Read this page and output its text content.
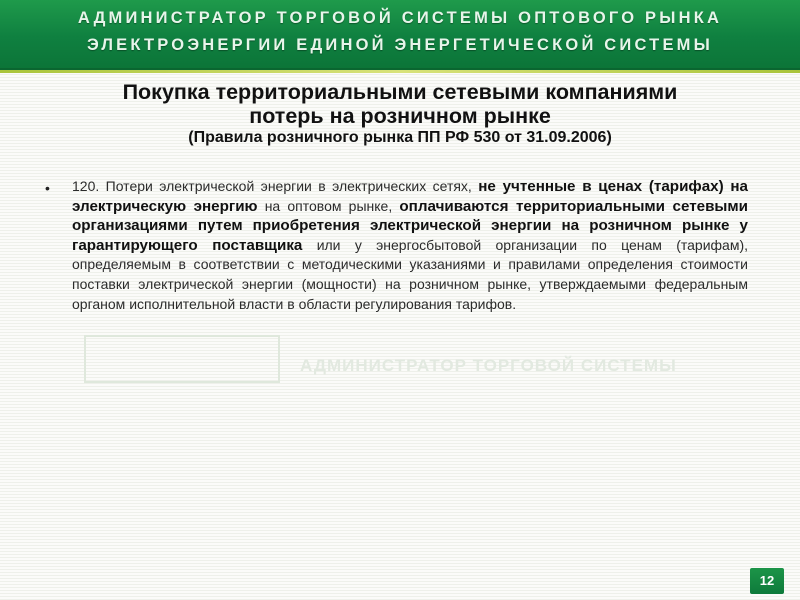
АДМИНИСТРАТОР ТОРГОВОЙ СИСТЕМЫ ОПТОВОГО РЫНКА
ЭЛЕКТРОЭНЕРГИИ ЕДИНОЙ ЭНЕРГЕТИЧЕСКОЙ СИСТЕМЫ
АДМИНИСТРАТОР ТОРГОВОЙ СИСТЕМЫ
Покупка территориальными сетевыми компаниями
потерь на розничном рынке
(Правила розничного рынка ПП РФ 530 от 31.09.2006)
• 120. Потери электрической энергии в электрических сетях, не учтенные в ценах (тарифах) на электрическую энергию на оптовом рынке, оплачиваются территориальными сетевыми организациями путем приобретения электрической энергии на розничном рынке у гарантирующего поставщика или у энергосбытовой организации по ценам (тарифам), определяемым в соответствии с методическими указаниями и правилами определения стоимости поставки электрической энергии (мощности) на розничном рынке, утверждаемыми федеральным органом исполнительной власти в области регулирования тарифов.
12
